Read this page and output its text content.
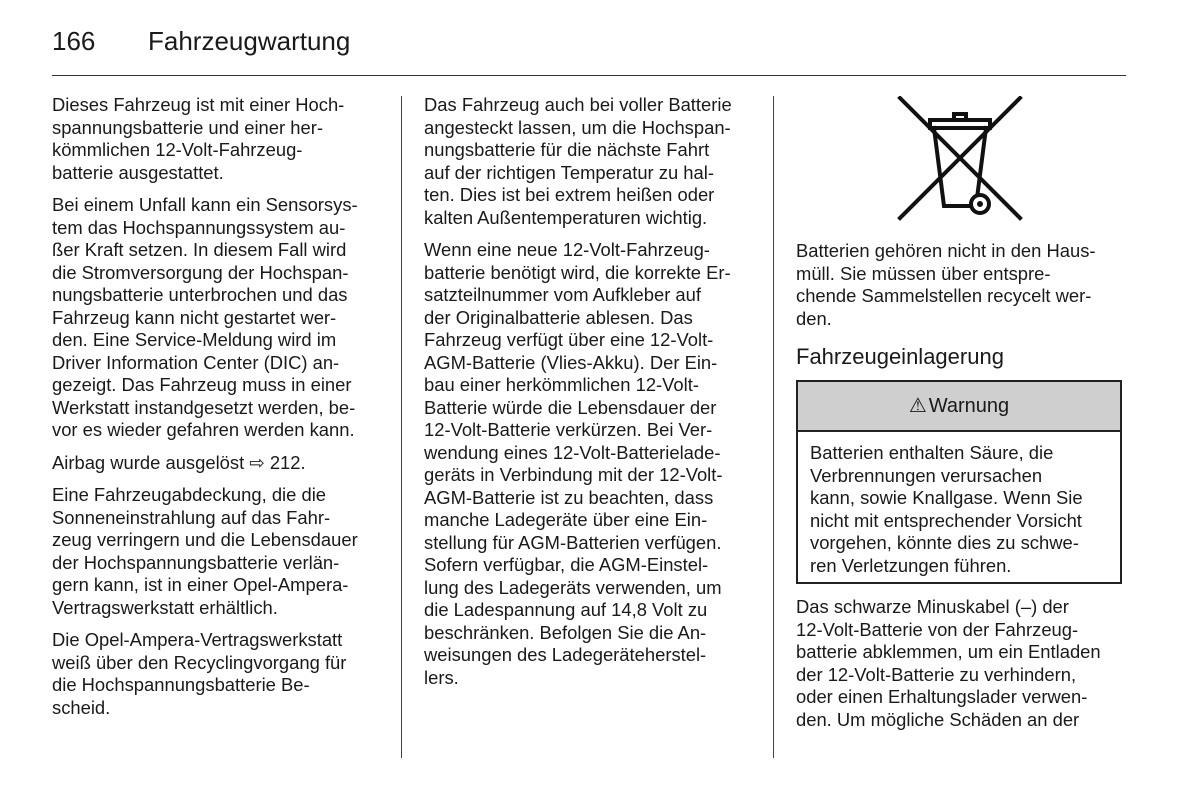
166 Fahrzeugwartung

Dieses Fahrzeug ist mit einer Hoch-
spannungsbatterie und einer her-
kömmlichen 12-Volt-Fahrzeug-
batterie ausgestattet.

Bei einem Unfall kann ein Sensorsys-
tem das Hochspannungssystem au-
ßer Kraft setzen. In diesem Fall wird
die Stromversorgung der Hochspan-
nungsbatterie unterbrochen und das
Fahrzeug kann nicht gestartet wer-
den. Eine Service-Meldung wird im
Driver Information Center (DIC) an-
gezeigt. Das Fahrzeug muss in einer
Werkstatt instandgesetzt werden, be-
vor es wieder gefahren werden kann.

Airbag wurde ausgelöst ⇨ 212.

Eine Fahrzeugabdeckung, die die
Sonneneinstrahlung auf das Fahr-
zeug verringern und die Lebensdauer
der Hochspannungsbatterie verlän-
gern kann, ist in einer Opel-Ampera-
Vertragswerkstatt erhältlich.

Die Opel-Ampera-Vertragswerkstatt
weiß über den Recyclingvorgang für
die Hochspannungsbatterie Be-
scheid.

Das Fahrzeug auch bei voller Batterie
angesteckt lassen, um die Hochspan-
nungsbatterie für die nächste Fahrt
auf der richtigen Temperatur zu hal-
ten. Dies ist bei extrem heißen oder
kalten Außentemperaturen wichtig.

Wenn eine neue 12-Volt-Fahrzeug-
batterie benötigt wird, die korrekte Er-
satzteilnummer vom Aufkleber auf
der Originalbatterie ablesen. Das
Fahrzeug verfügt über eine 12-Volt-
AGM-Batterie (Vlies-Akku). Der Ein-
bau einer herkömmlichen 12-Volt-
Batterie würde die Lebensdauer der
12-Volt-Batterie verkürzen. Bei Ver-
wendung eines 12-Volt-Batterielade-
geräts in Verbindung mit der 12-Volt-
AGM-Batterie ist zu beachten, dass
manche Ladegeräte über eine Ein-
stellung für AGM-Batterien verfügen.
Sofern verfügbar, die AGM-Einstel-
lung des Ladegeräts verwenden, um
die Ladespannung auf 14,8 Volt zu
beschränken. Befolgen Sie die An-
weisungen des Ladegeräteherstel-
lers.

Batterien gehören nicht in den Haus-
müll. Sie müssen über entspre-
chende Sammelstellen recycelt wer-
den.

Fahrzeugeinlagerung
⚠ Warnung
Batterien enthalten Säure, die
Verbrennungen verursachen
kann, sowie Knallgase. Wenn Sie
nicht mit entsprechender Vorsicht
vorgehen, könnte dies zu schwe-
ren Verletzungen führen.

Das schwarze Minuskabel (–) der
12-Volt-Batterie von der Fahrzeug-
batterie abklemmen, um ein Entladen
der 12-Volt-Batterie zu verhindern,
oder einen Erhaltungslader verwen-
den. Um mögliche Schäden an der
